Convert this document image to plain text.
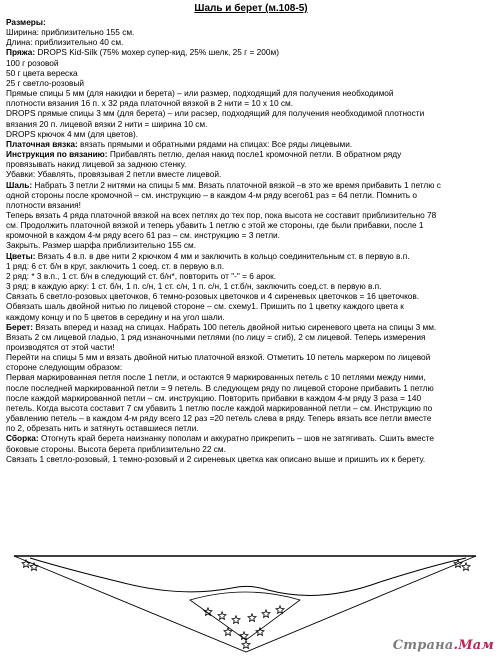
Шаль и берет (м.108-5)

Размеры:

Ширина: приблизительно 155 см.

Длина: приблизительно 40 см.

Пряжа: DROPS Kid-Silk (75% мохер супер-кид, 25% шелк, 25 г = 200м)

100 г розовой

50 г цвета вереска

25 г светло-розовый

Прямые спицы 5 мм (для накидки и берета) – или размер, подходящий для получения необходимой

плотности вязания 16 п. х 32 ряда платочной вязкой в 2 нити = 10 х 10 см.

DROPS прямые спицы 3 мм (для берета) – или расзер, подходящий для получения необходимой плотности

вязания 20 п. лицевой вязки 2 нити = ширина 10 см.

DROPS крючок 4 мм (для цветов).

Платочная вязка: вязать прямыми и обратными рядами на спицах: Все ряды лицевыми.

Инструкция по вязанию: Прибавлять петлю, делая накид после1 кромочной петли. В обратном ряду

провязывать накид лицевой за заднюю стенку.

Убавки: Убавлять, провязывая 2 петли вместе лицевой.

Шаль: Набрать 3 петли 2 нитями на спицы 5 мм. Вязать платочной вязкой –в это же время прибавить 1 петлю с

одной стороны после кромочной – см. инструкцию – в каждом 4-м ряду всего61 раз = 64 петли. Помнить о

плотности вязания!

Теперь вязать 4 ряда платочной вязкой на всех петлях до тех пор, пока высота не составит приблизительно 78

см. Продолжить платочной вязкой и теперь убавить 1 петлю с этой же стороны, где были прибавки, после 1

кромочной в каждом 4-м ряду всего 61 раз – см. инструкцию = 3 петли.

Закрыть. Размер шарфа приблизительно 155 см.

Цветы: Вязать 4 в.п. в две нити 2 крючком 4 мм и заключить в кольцо соединительным ст. в первую в.п.

1 ряд: 6 ст. б/н в круг, заключить 1 соед. ст. в первую в.п.

2 ряд: * 3 в.п., 1 ст. б/н в следующий ст. б/н*, повторить от "-" = 6 арок.

3 ряд: в каждую арку: 1 ст. б/н, 1 п. с/н, 1 ст. с/н, 1 п. с/н, 1 ст.б/н, заключить соед.ст. в первую в.п.

Связать 6 светло-розовых цветочков, 6 темно-розовых цветочков и 4 сиреневых цветочков = 16 цветочков.

Обвязать шаль двойной нитью по лицевой стороне – см. схему1. Пришить по 1 цветку каждого цвета к

каждому концу и по 5 цветов в середину и на угол шали.

Берет: Вязать вперед и назад на спицах. Набрать 100 петель двойной нитью сиреневого цвета на спицы 3 мм.

Вязать 2 см лицевой гладью, 1 ряд изнаночными петлями (по лицу = сгиб), 2 см лицевой. Теперь измерения

производятся от этой части!

Перейти на спицы 5 мм и вязать двойной нитью платочной вязкой. Отметить 10 петель маркером по лицевой

стороне следующим образом:

Первая маркированная петля после 1 петли, и остаются 9 маркированных петель с 10 петлями между ними,

после последней маркированной петли = 9 петель. В следующем ряду по лицевой стороне прибавить 1 петлю

после каждой маркированной петли – см. инструкцию. Повторить прибавки в каждом 4-м ряду 3 раза = 140

петель. Когда высота составит 7 см убавить 1 петлю после каждой маркированной петли – см. Инструкцию по

убавлению петель – в каждом 4-м ряду всего 12 раз =20 петель слева в ряду. Теперь вязать все петли вместе

по 2, обрезать нить и затянуть оставшиеся петли.

Сборка: Отогнуть край берета наизнанку пополам и аккуратно прикрепить – шов не затягивать. Сшить вместе

боковые стороны. Высота берета приблизительно 22 см.

Связать 1 светло-розовый, 1 темно-розовый и 2 сиреневых цветка как описано выше и пришить их к берету.

Страна.Мам
